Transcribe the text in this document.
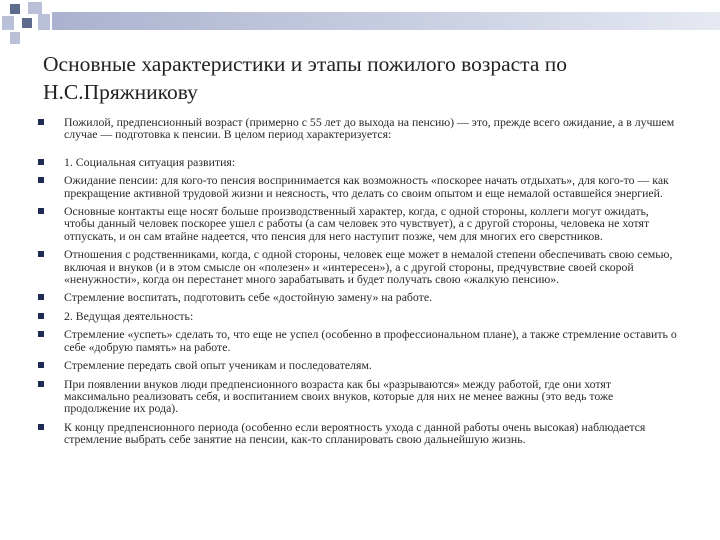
Основные характеристики и этапы пожилого возраста по Н.С.Пряжникову

Пожилой, предпенсионный возраст (примерно с 55 лет до выхода на пенсию) — это, прежде всего ожидание, а в лучшем случае — подготовка к пенсии. В целом период характеризуется:

1. Социальная ситуация развития:

Ожидание пенсии: для кого-то пенсия воспринимается как возможность «поскорее начать отдыхать», для кого-то — как прекращение активной трудовой жизни и неясность, что делать со своим опытом и еще немалой оставшейся энергией.

Основные контакты еще носят больше производственный характер, когда, с одной стороны, коллеги могут ожидать, чтобы данный человек поскорее ушел с работы (а сам человек это чувствует), а с другой стороны, человека не хотят отпускать, и он сам втайне надеется, что пенсия для него наступит позже, чем для многих его сверстников.

Отношения с родственниками, когда, с одной стороны, человек еще может в немалой степени обеспечивать свою семью, включая и внуков (и в этом смысле он «полезен» и «интересен»), а с другой стороны, предчувствие своей скорой «ненужности», когда он перестанет много зарабатывать и будет получать свою «жалкую пенсию».

Стремление воспитать, подготовить себе «достойную замену» на работе.

2. Ведущая деятельность:

Стремление «успеть» сделать то, что еще не успел (особенно в профессиональном плане), а также стремление оставить о себе «добрую память» на работе.

Стремление передать свой опыт ученикам и последователям.

При появлении внуков люди предпенсионного возраста как бы «разрываются» между работой, где они хотят максимально реализовать себя, и воспитанием своих внуков, которые для них не менее важны (это ведь тоже продолжение их рода).

К концу предпенсионного периода (особенно если вероятность ухода с данной работы очень высокая) наблюдается стремление выбрать себе занятие на пенсии, как-то спланировать свою дальнейшую жизнь.
